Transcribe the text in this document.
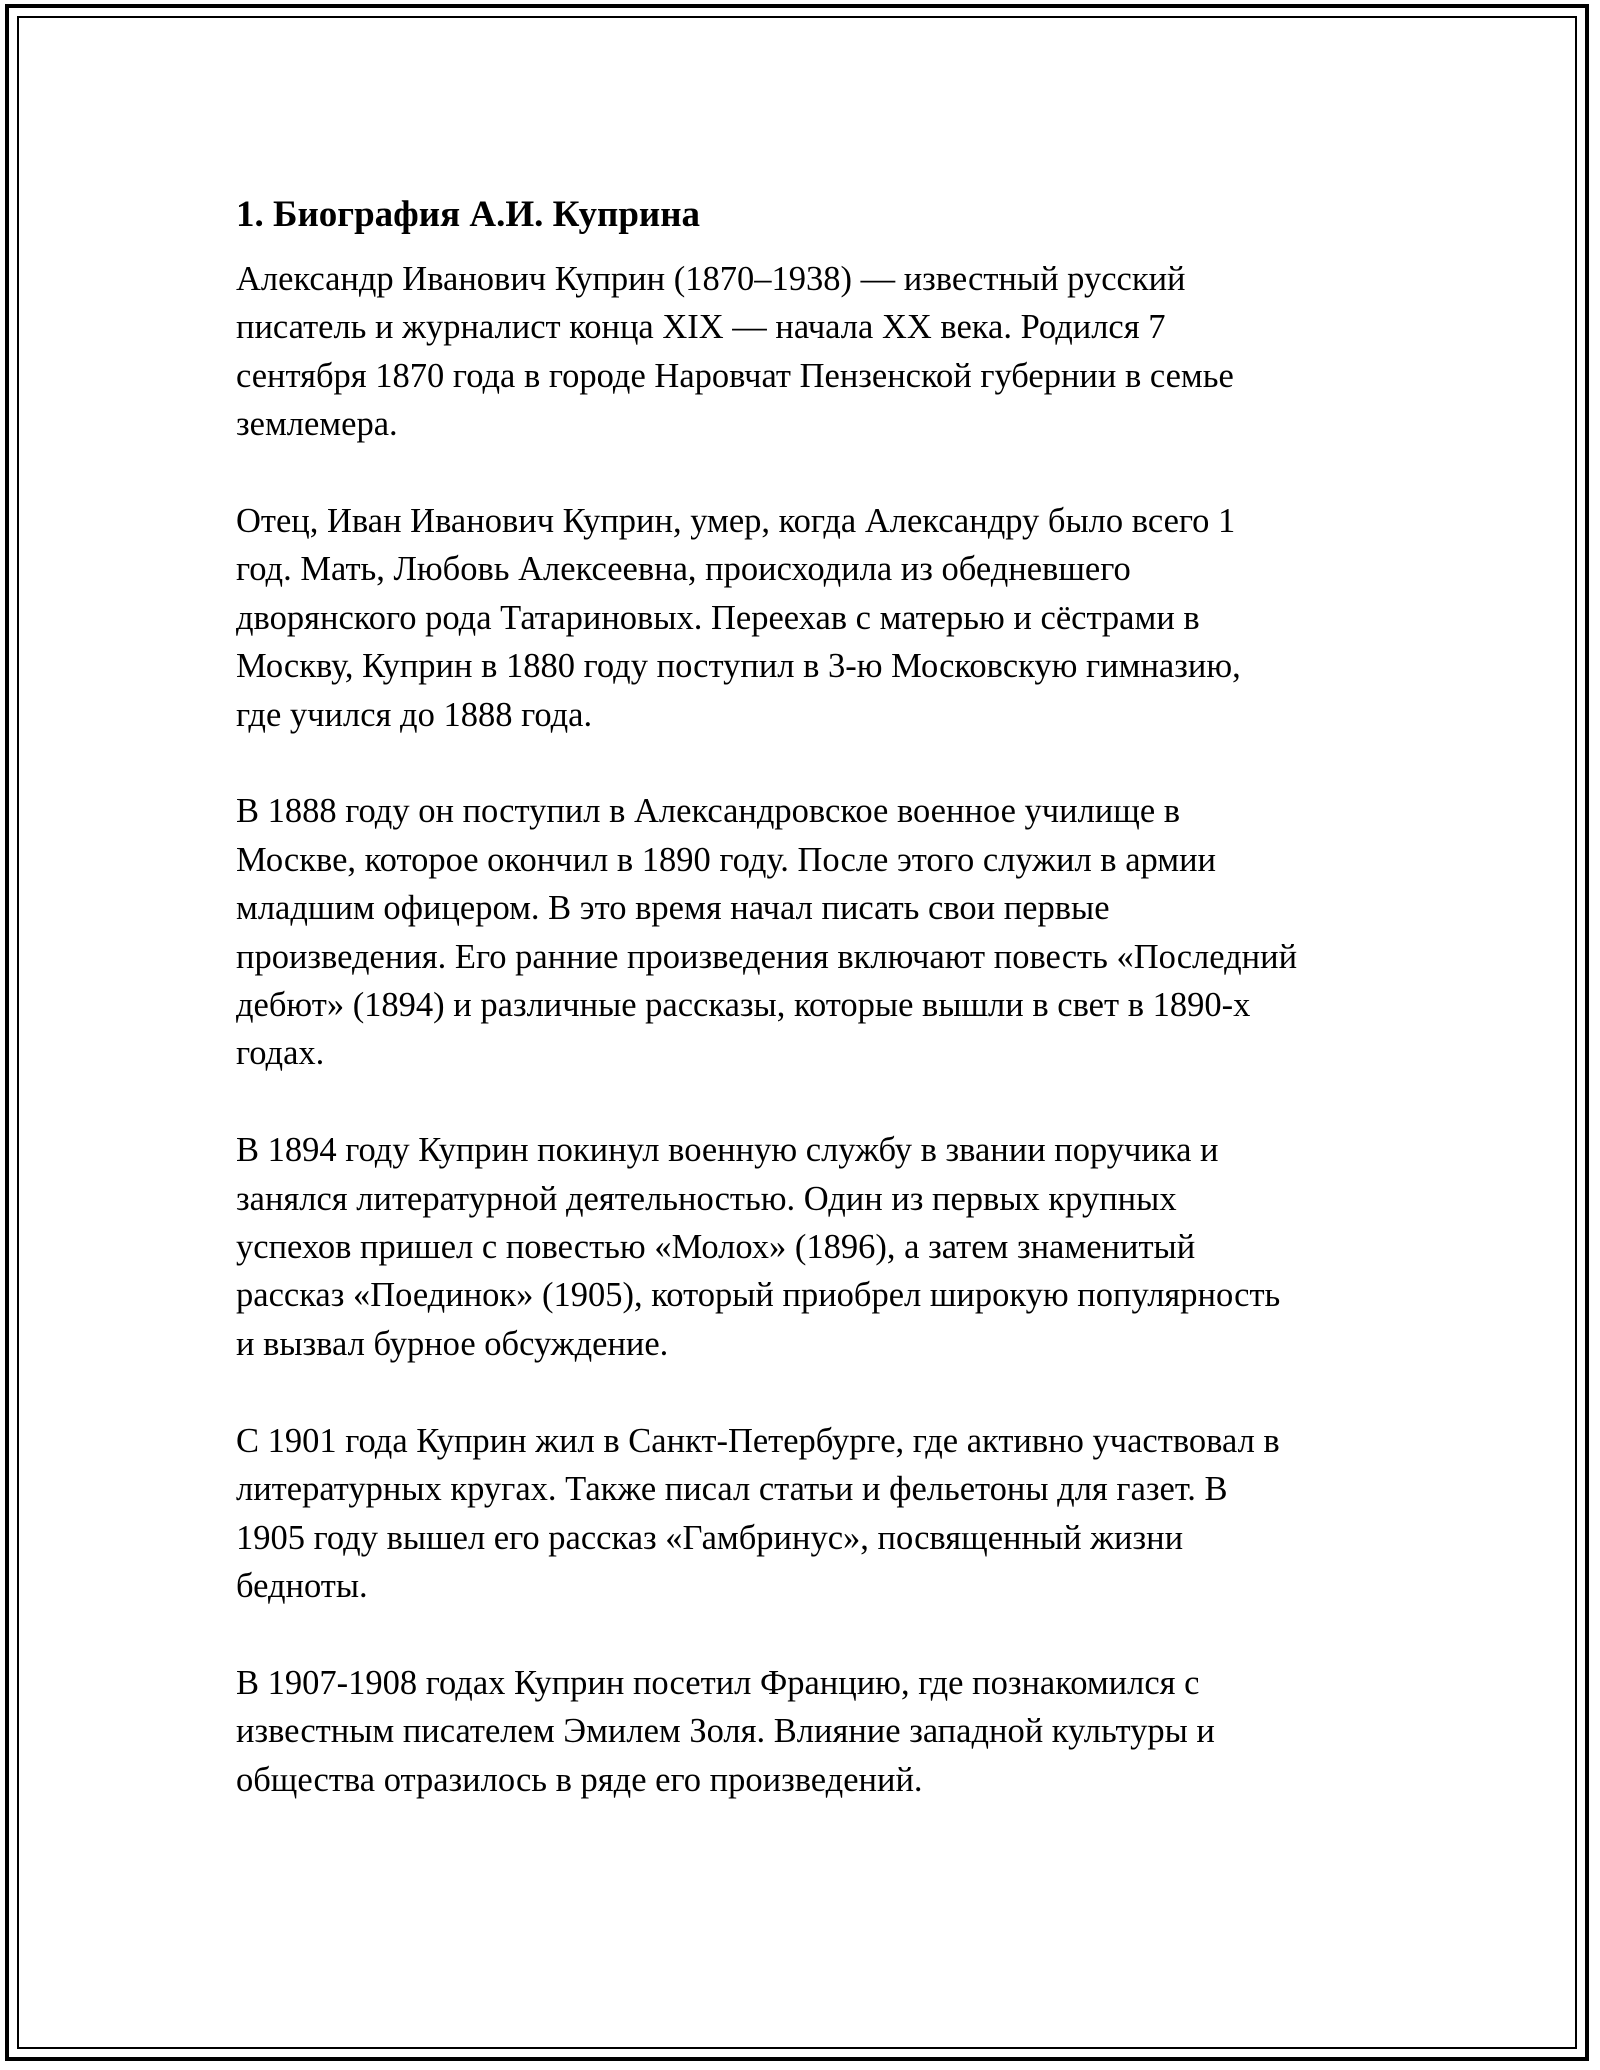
1. Биография А.И. Куприна
Александр Иванович Куприн (1870–1938) — известный русский
писатель и журналист конца XIX — начала XX века. Родился 7
сентября 1870 года в городе Наровчат Пензенской губернии в семье
землемера.
Отец, Иван Иванович Куприн, умер, когда Александру было всего 1
год. Мать, Любовь Алексеевна, происходила из обедневшего
дворянского рода Татариновых. Переехав с матерью и сёстрами в
Москву, Куприн в 1880 году поступил в 3-ю Московскую гимназию,
где учился до 1888 года.
В 1888 году он поступил в Александровское военное училище в
Москве, которое окончил в 1890 году. После этого служил в армии
младшим офицером. В это время начал писать свои первые
произведения. Его ранние произведения включают повесть «Последний
дебют» (1894) и различные рассказы, которые вышли в свет в 1890-х
годах.
В 1894 году Куприн покинул военную службу в звании поручика и
занялся литературной деятельностью. Один из первых крупных
успехов пришел с повестью «Молох» (1896), а затем знаменитый
рассказ «Поединок» (1905), который приобрел широкую популярность
и вызвал бурное обсуждение.
С 1901 года Куприн жил в Санкт-Петербурге, где активно участвовал в
литературных кругах. Также писал статьи и фельетоны для газет. В
1905 году вышел его рассказ «Гамбринус», посвященный жизни
бедноты.
В 1907-1908 годах Куприн посетил Францию, где познакомился с
известным писателем Эмилем Золя. Влияние западной культуры и
общества отразилось в ряде его произведений.
